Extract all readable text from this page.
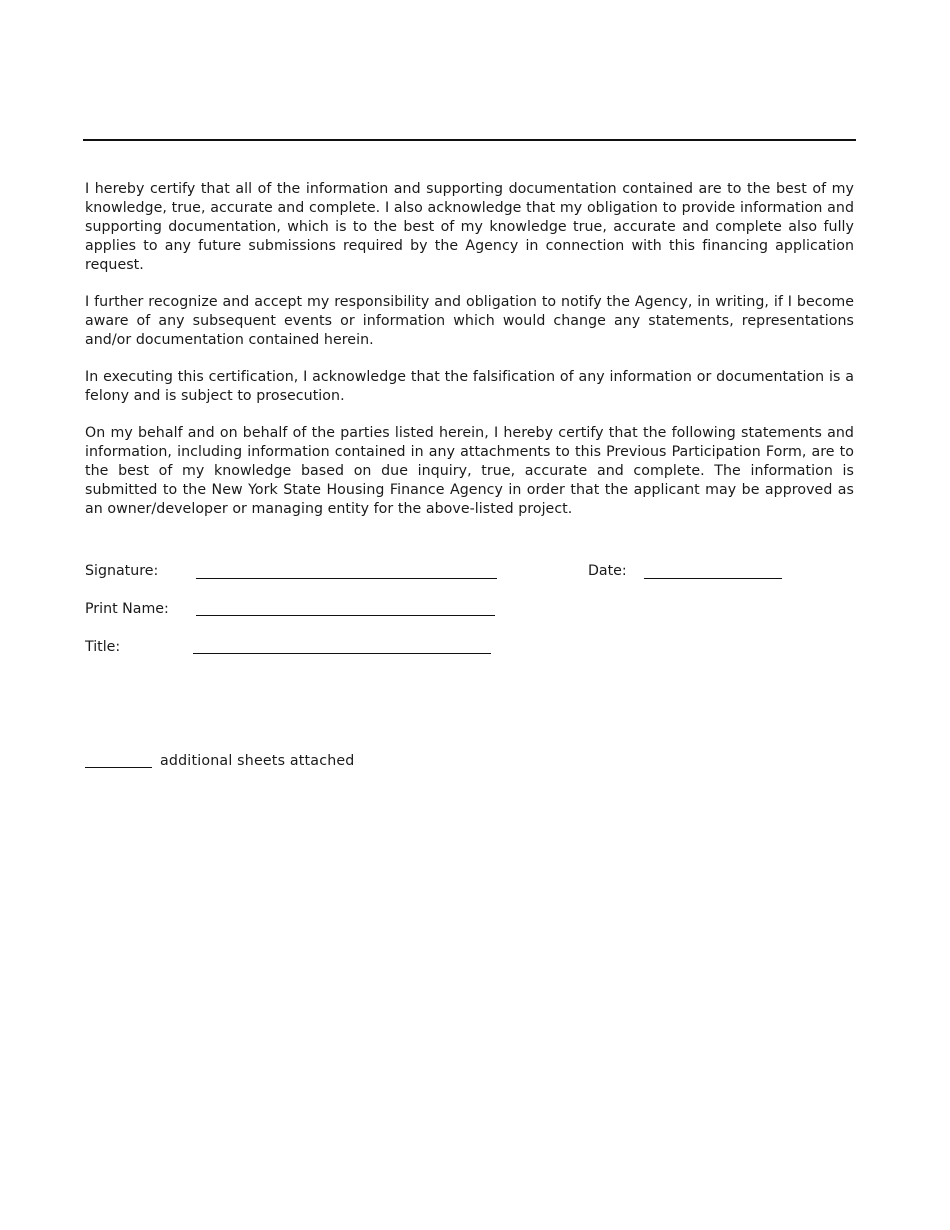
I hereby certify that all of the information and supporting documentation contained are to the best of my knowledge, true, accurate and complete. I also acknowledge that my obligation to provide information and supporting documentation, which is to the best of my knowledge true, accurate and complete also fully applies to any future submissions required by the Agency in connection with this financing application request.

I further recognize and accept my responsibility and obligation to notify the Agency, in writing, if I become aware of any subsequent events or information which would change any statements, representations and/or documentation contained herein.

In executing this certification, I acknowledge that the falsification of any information or documentation is a felony and is subject to prosecution.

On my behalf and on behalf of the parties listed herein, I hereby certify that the following statements and information, including information contained in any attachments to this Previous Participation Form, are to the best of my knowledge based on due inquiry, true, accurate and complete. The information is submitted to the New York State Housing Finance Agency in order that the applicant may be approved as an owner/developer or managing entity for the above-listed project.

Signature:	Date:
Print Name:
Title:
additional sheets attached
